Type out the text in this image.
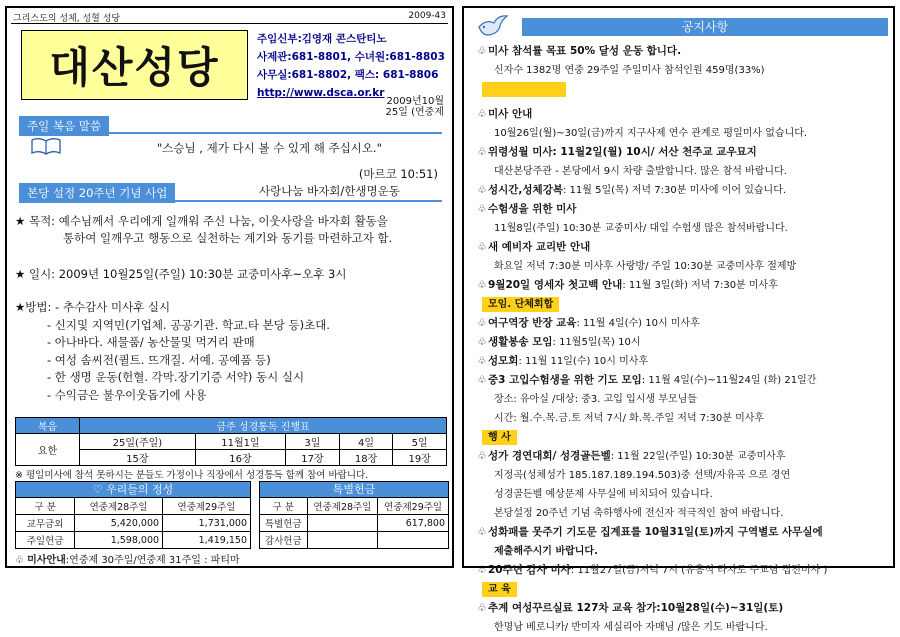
그리스도의 성체, 성혈 성당	2009-43
대산성당
주임신부:김영재 콘스탄티노
사제관:681-8801, 수녀원:681-8803
사무실:681-8802, 팩스: 681-8806
http://www.dsca.or.kr
2009년10월
25일 (연중제
주일 복음 말씀
"스승님 , 제가 다시 볼 수 있게 해 주십시오."
(마르코 10:51)
본당 설정 20주년 기념 사업	사랑나눔 바자회/한생명운동
★ 목적: 예수님께서 우리에게 일깨워 주신 나눔, 이웃사랑을 바자회 활동을
통하여 일깨우고 행동으로 실천하는 계기와 동기를 마련하고자 함.
★ 일시: 2009년 10월25일(주일) 10:30분 교중미사후~오후 3시
★방법: - 추수감사 미사후 실시
- 신지및 지역민(기업체. 공공기관. 학교.타 본당 등)초대.
- 아나바다. 새물품/ 농산물및 먹거리 판매
- 여성 솜씨전(퀼트. 뜨개질. 서예. 공예품 등)
- 한 생명 운동(헌혈. 각막.장기기증 서약) 동시 실시
- 수익금은 불우이웃돕기에 사용
복음	금주 성경통독 진행표				
요한	25일(주일)	11월1일	3일	4일	5일
	15장	16장	17장	18장	19장
※ 평일미사에 참석 못하시는 분들도 가정이나 직장에서 성경통독 함께 참여 바랍니다.
♡ 우리들의 정성
구 분	연중제28주일	연중제29주일
교무금외	5,420,000	1,731,000
주일헌금	1,598,000	1,419,150
특별헌금
구 분	연중제28주일	연중제29주일
특별헌금		617,800
감사헌금		
♧ 미사안내:연중제 30주일/연중제 31주일 : 파티마
공지사항
♧ 미사 참석률 목표 50% 달성 운동 합니다.
신자수 1382명 연중 29주일 주일미사 참석인원 459명(33%)
♧ 미사 안내
10월26일(월)~30일(금)까지 지구사제 연수 관계로 평일미사 없습니다.
♧ 위령성월 미사: 11월2일(월) 10시/ 서산 천주교 교우묘지
대산본당주관 - 본당에서 9시 차량 출발합니다. 많은 참석 바랍니다.
♧ 성시간,성체강복: 11월 5일(목) 저녁 7:30분 미사에 이어 있습니다.
♧ 수험생을 위한 미사
11월8일(주일) 10:30분 교중미사/ 대입 수험생 많은 참석바랍니다.
♧ 새 예비자 교리반 안내
화요일 저녁 7:30분 미사후 사랑방/ 주일 10:30분 교중미사후 절제방
♧ 9월20일 영세자 첫고백 안내: 11월 3일(화) 저녁 7:30분 미사후
모임. 단체회합
♧ 여구역장 반장 교육: 11월 4일(수) 10시 미사후
♧ 생활봉송 모임: 11월5일(목) 10시
♧ 성모회: 11월 11일(수) 10시 미사후
♧ 중3 고입수험생을 위한 기도 모임: 11월 4일(수)~11월24일 (화) 21일간
장소: 유아실 /대상: 중3. 고입 입시생 부모님들
시간: 월.수.목.금.토 저녁 7시/ 화.목.주일 저녁 7:30분 미사후
행 사
♧ 성가 경연대회/ 성경골든벨: 11월 22일(주일) 10:30분 교중미사후
지정곡(성체성가 185.187.189.194.503)중 선택/자유곡 으로 경연
성경골든벨 예상문제 사무실에 비치되어 있습니다.
본당설정 20주년 기념 축하행사에 전신자 적극적인 참여 바랍니다.
♧ 성화패를 못주기 기도문 집계표를 10월31일(토)까지 구역별로 사무실에
제출해주시기 바랍니다.
♧ 20주년 감사 미사: 11월27일(금)저녁 7시 (유흥식 라자로 주교님 집전미사 )
교 육
♧ 추계 여성꾸르실료 127차 교육 참가:10월28일(수)~31일(토)
한명남 베로니카/ 반미자 세실리아 자매님 /많은 기도 바랍니다.
